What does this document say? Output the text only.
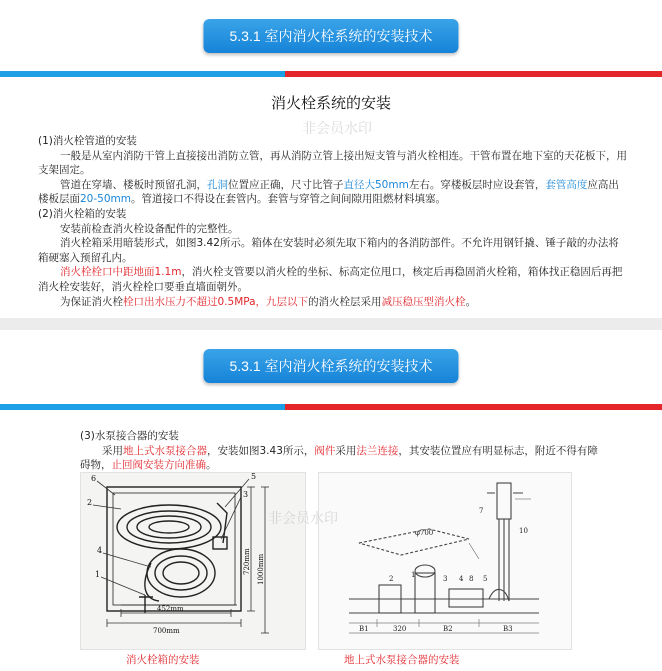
5.3.1 室内消火栓系统的安装技术
消火栓系统的安装
非会员水印

(1)消火栓管道的安装

一般是从室内消防干管上直接接出消防立管，再从消防立管上接出短支管与消火栓相连。干管布置在地下室的天花板下，用支架固定。

管道在穿墙、楼板时预留孔洞，孔洞位置应正确，尺寸比管子直径大50mm左右。穿楼板层时应设套管，套管高度应高出楼板层面20-50mm。管道接口不得设在套管内。套管与穿管之间间隙用阻燃材料填塞。

(2)消火栓箱的安装

安装前检查消火栓设备配件的完整性。

消火栓箱采用暗装形式，如图3.42所示。箱体在安装时必须先取下箱内的各消防部件。不允许用钢钎撬、锤子敲的办法将箱硬塞入预留孔内。

消火栓栓口中距地面1.1m，消火栓支管要以消火栓的坐标、标高定位甩口，核定后再稳固消火栓箱，箱体找正稳固后再把消火栓安装好，消火栓栓口要垂直墙面朝外。

为保证消火栓栓口出水压力不超过0.5MPa，九层以下的消火栓层采用减压稳压型消火栓。

5.3.1 室内消火栓系统的安装技术

(3)水泵接合器的安装

采用地上式水泵接合器，安装如图3.43所示，阀件采用法兰连接，其安装位置应有明显标志，附近不得有障碍物，止回阀安装方向准确。

6
2
5
3
4
1
452mm
700mm
720mm 1000mm
10
7
φ700
3 4
1
2	8 5
B1	320	B2	B3
非会员水印
消火栓箱的安装	地上式水泵接合器的安装
